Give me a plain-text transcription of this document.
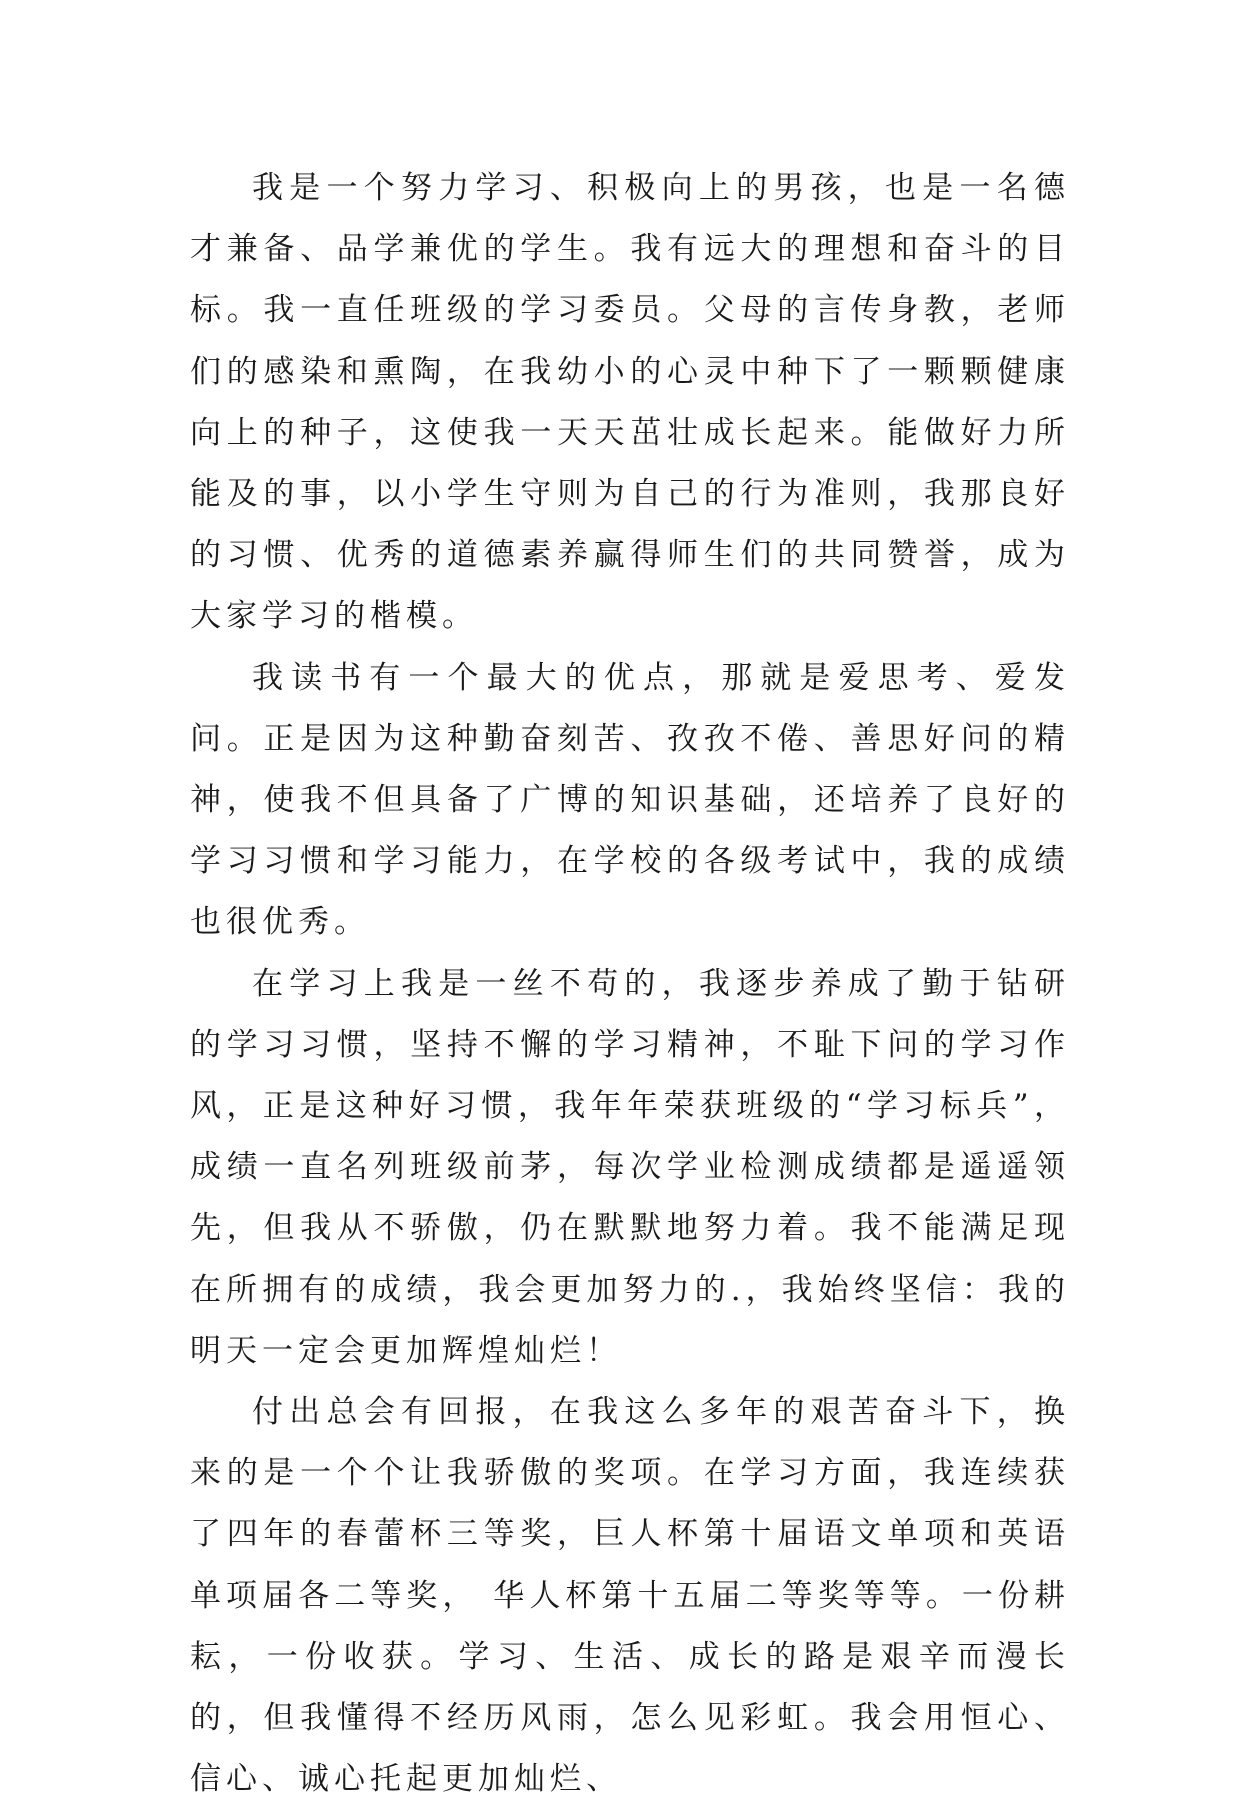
我是一个努力学习、积极向上的男孩，也是一名德才兼备、品学兼优的学生。我有远大的理想和奋斗的目标。我一直任班级的学习委员。父母的言传身教，老师们的感染和熏陶，在我幼小的心灵中种下了一颗颗健康向上的种子，这使我一天天茁壮成长起来。能做好力所能及的事，以小学生守则为自己的行为准则，我那良好的习惯、优秀的道德素养赢得师生们的共同赞誉，成为大家学习的楷模。

我读书有一个最大的优点，那就是爱思考、爱发问。正是因为这种勤奋刻苦、孜孜不倦、善思好问的精神，使我不但具备了广博的知识基础，还培养了良好的学习习惯和学习能力，在学校的各级考试中，我的成绩也很优秀。

在学习上我是一丝不苟的，我逐步养成了勤于钻研的学习习惯，坚持不懈的学习精神，不耻下问的学习作风，正是这种好习惯，我年年荣获班级的“学习标兵”，成绩一直名列班级前茅，每次学业检测成绩都是遥遥领先，但我从不骄傲，仍在默默地努力着。我不能满足现在所拥有的成绩，我会更加努力的.，我始终坚信：我的明天一定会更加辉煌灿烂！

付出总会有回报，在我这么多年的艰苦奋斗下，换来的是一个个让我骄傲的奖项。在学习方面，我连续获了四年的春蕾杯三等奖，巨人杯第十届语文单项和英语单项届各二等奖， 华人杯第十五届二等奖等等。一份耕耘，一份收获。学习、生活、成长的路是艰辛而漫长的，但我懂得不经历风雨，怎么见彩虹。我会用恒心、信心、诚心托起更加灿烂、
